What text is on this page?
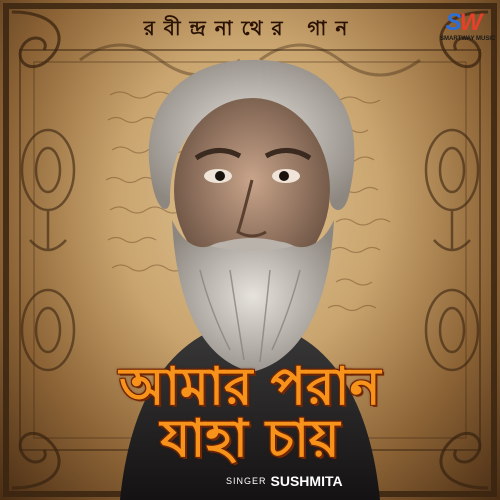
রবীন্দ্রনাথের গান	SW
SMARTWAY MUSIC
আমার পরান
যাহা চায়
SINGER SUSHMITA
